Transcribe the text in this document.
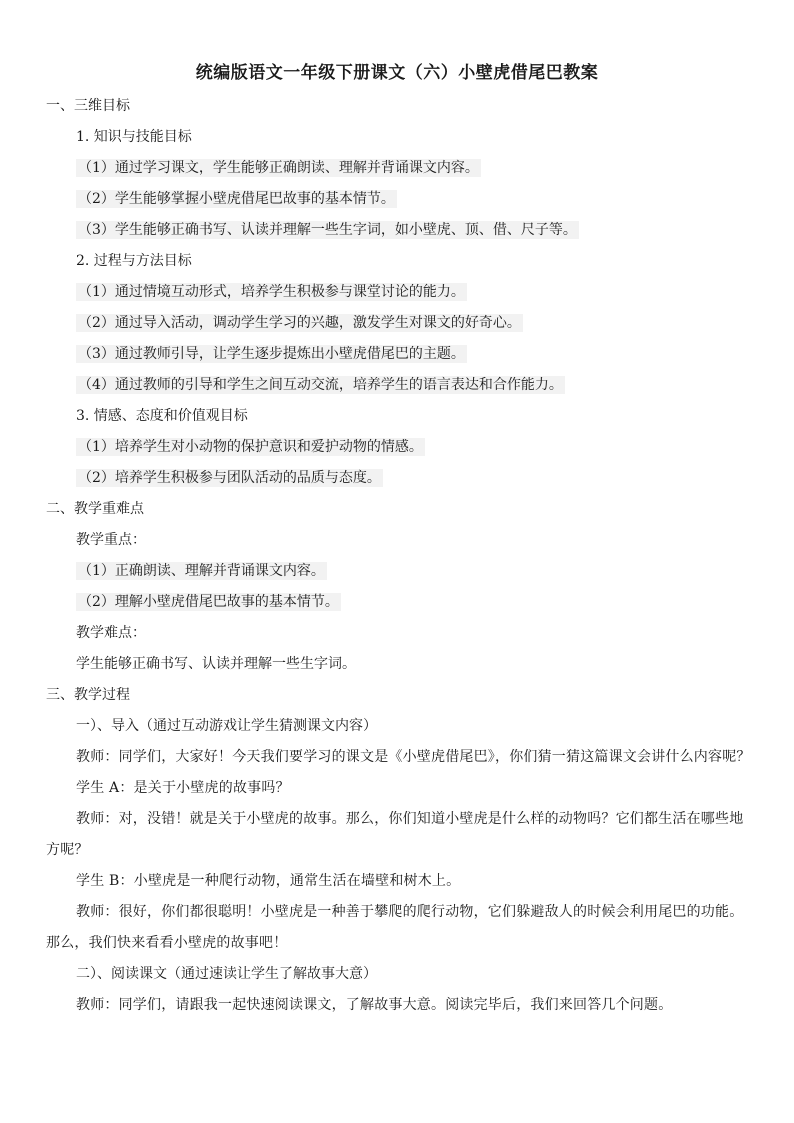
统编版语文一年级下册课文（六）小壁虎借尾巴教案

一、三维目标

1. 知识与技能目标

（1）通过学习课文，学生能够正确朗读、理解并背诵课文内容。

（2）学生能够掌握小壁虎借尾巴故事的基本情节。

（3）学生能够正确书写、认读并理解一些生字词，如小壁虎、顶、借、尺子等。

2. 过程与方法目标

（1）通过情境互动形式，培养学生积极参与课堂讨论的能力。

（2）通过导入活动，调动学生学习的兴趣，激发学生对课文的好奇心。

（3）通过教师引导，让学生逐步提炼出小壁虎借尾巴的主题。

（4）通过教师的引导和学生之间互动交流，培养学生的语言表达和合作能力。

3. 情感、态度和价值观目标

（1）培养学生对小动物的保护意识和爱护动物的情感。

（2）培养学生积极参与团队活动的品质与态度。

二、教学重难点

教学重点：

（1）正确朗读、理解并背诵课文内容。

（2）理解小壁虎借尾巴故事的基本情节。

教学难点：

学生能够正确书写、认读并理解一些生字词。

三、教学过程

一）、导入（通过互动游戏让学生猜测课文内容）

教师：同学们，大家好！今天我们要学习的课文是《小壁虎借尾巴》，你们猜一猜这篇课文会讲什么内容呢？

学生 A：是关于小壁虎的故事吗？

教师：对，没错！就是关于小壁虎的故事。那么，你们知道小壁虎是什么样的动物吗？它们都生活在哪些地方呢？

学生 B：小壁虎是一种爬行动物，通常生活在墙壁和树木上。

教师：很好，你们都很聪明！小壁虎是一种善于攀爬的爬行动物，它们躲避敌人的时候会利用尾巴的功能。那么，我们快来看看小壁虎的故事吧！

二）、阅读课文（通过速读让学生了解故事大意）

教师：同学们，请跟我一起快速阅读课文，了解故事大意。阅读完毕后，我们来回答几个问题。
